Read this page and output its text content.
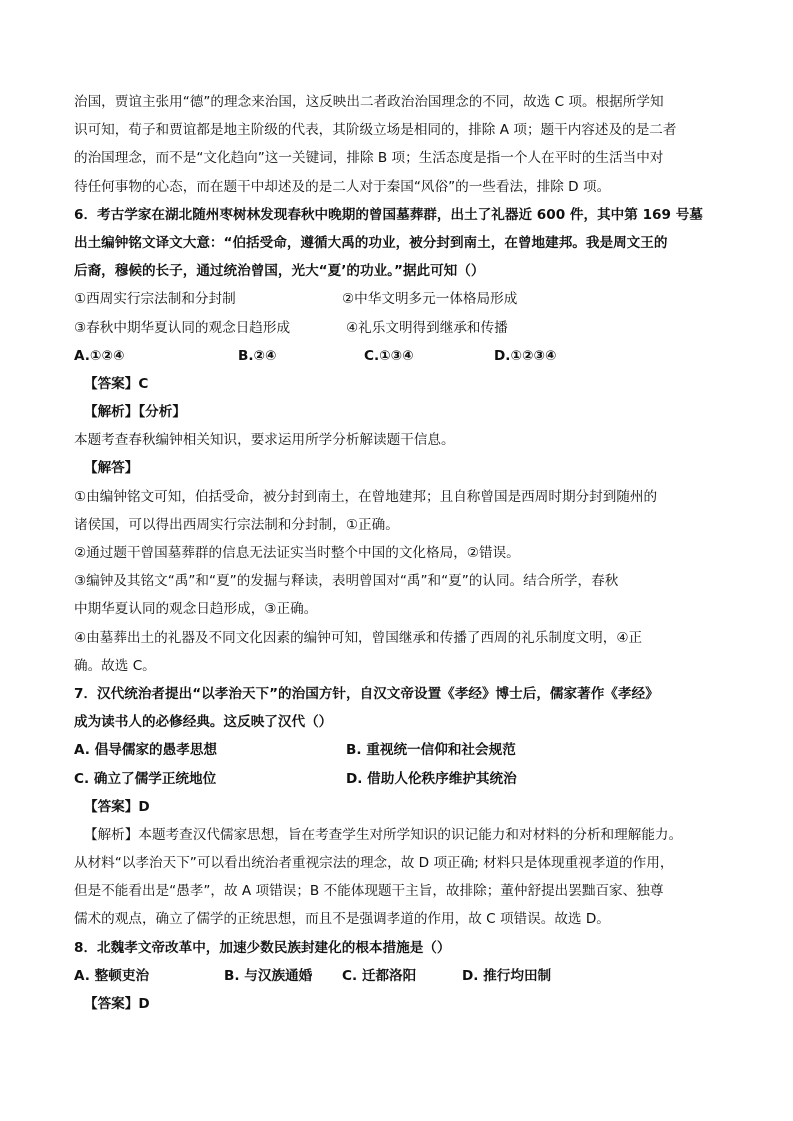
治国，贾谊主张用“德”的理念来治国，这反映出二者政治治国理念的不同，故选 C 项。根据所学知
识可知，荀子和贾谊都是地主阶级的代表，其阶级立场是相同的，排除 A 项；题干内容述及的是二者
的治国理念，而不是“文化趋向”这一关键词，排除 B 项；生活态度是指一个人在平时的生活当中对
待任何事物的心态，而在题干中却述及的是二人对于秦国“风俗”的一些看法，排除 D 项。
6．考古学家在湖北随州枣树林发现春秋中晚期的曾国墓葬群，出土了礼器近 600 件，其中第 169 号墓
出土编钟铭文译文大意：“伯括受命，遵循大禹的功业，被分封到南土，在曾地建邦。我是周文王的
后裔，穆候的长子，通过统治曾国，光大“夏’的功业。”据此可知（）
①西周实行宗法制和分封制	②中华文明多元一体格局形成
③春秋中期华夏认同的观念日趋形成	④礼乐文明得到继承和传播
A.①②④	B.②④	C.①③④	D.①②③④
【答案】C
【解析】【分析】
本题考查春秋编钟相关知识，要求运用所学分析解读题干信息。
【解答】
①由编钟铭文可知，伯括受命，被分封到南土，在曾地建邦；且自称曾国是西周时期分封到随州的
诸侯国，可以得出西周实行宗法制和分封制，①正确。
②通过题干曾国墓葬群的信息无法证实当时整个中国的文化格局，②错误。
③编钟及其铭文“禹”和“夏”的发掘与释读，表明曾国对“禹”和“夏”的认同。结合所学，春秋
中期华夏认同的观念日趋形成，③正确。
④由墓葬出土的礼器及不同文化因素的编钟可知，曾国继承和传播了西周的礼乐制度文明，④正
确。故选 C。
7．汉代统治者提出“以孝治天下”的治国方针，自汉文帝设置《孝经》博士后，儒家著作《孝经》
成为读书人的必修经典。这反映了汉代（）
A. 倡导儒家的愚孝思想	B. 重视统一信仰和社会规范
C. 确立了儒学正统地位	D. 借助人伦秩序维护其统治
【答案】D
【解析】本题考查汉代儒家思想，旨在考查学生对所学知识的识记能力和对材料的分析和理解能力。
从材料“以孝治天下”可以看出统治者重视宗法的理念，故 D 项正确; 材料只是体现重视孝道的作用，
但是不能看出是“愚孝”，故 A 项错误；B 不能体现题干主旨，故排除；董仲舒提出罢黜百家、独尊
儒术的观点，确立了儒学的正统思想，而且不是强调孝道的作用，故 C 项错误。故选 D。
8．北魏孝文帝改革中，加速少数民族封建化的根本措施是（）
A. 整顿吏治	B. 与汉族通婚	C. 迁都洛阳	D. 推行均田制
【答案】D
